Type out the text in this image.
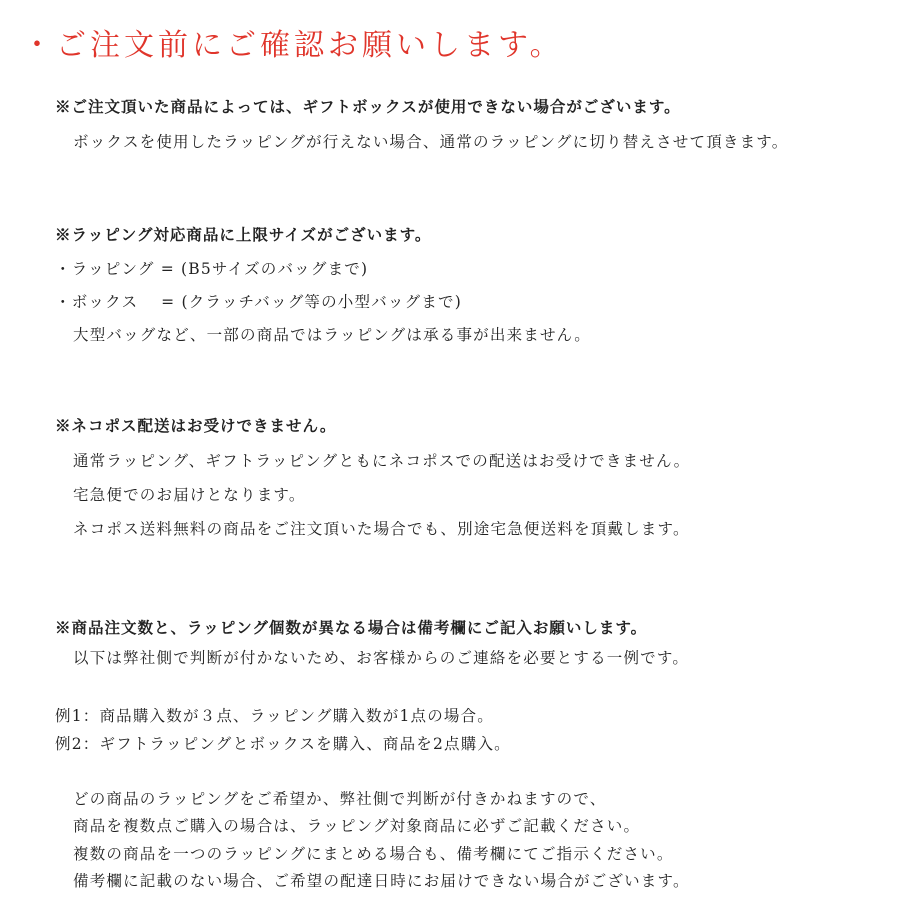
・ご注文前にご確認お願いします。
※ご注文頂いた商品によっては、ギフトボックスが使用できない場合がございます。
ボックスを使用したラッピングが行えない場合、通常のラッピングに切り替えさせて頂きます。
※ラッピング対応商品に上限サイズがございます。
・ラッピング = (B5サイズのバッグまで)
・ボックス　 = (クラッチバッグ等の小型バッグまで)
大型バッグなど、一部の商品ではラッピングは承る事が出来ません。
※ネコポス配送はお受けできません。
通常ラッピング、ギフトラッピングともにネコポスでの配送はお受けできません。
宅急便でのお届けとなります。
ネコポス送料無料の商品をご注文頂いた場合でも、別途宅急便送料を頂戴します。
※商品注文数と、ラッピング個数が異なる場合は備考欄にご記入お願いします。
以下は弊社側で判断が付かないため、お客様からのご連絡を必要とする一例です。
例1：商品購入数が３点、ラッピング購入数が1点の場合。
例2：ギフトラッピングとボックスを購入、商品を2点購入。
どの商品のラッピングをご希望か、弊社側で判断が付きかねますので、
商品を複数点ご購入の場合は、ラッピング対象商品に必ずご記載ください。
複数の商品を一つのラッピングにまとめる場合も、備考欄にてご指示ください。
備考欄に記載のない場合、ご希望の配達日時にお届けできない場合がございます。
